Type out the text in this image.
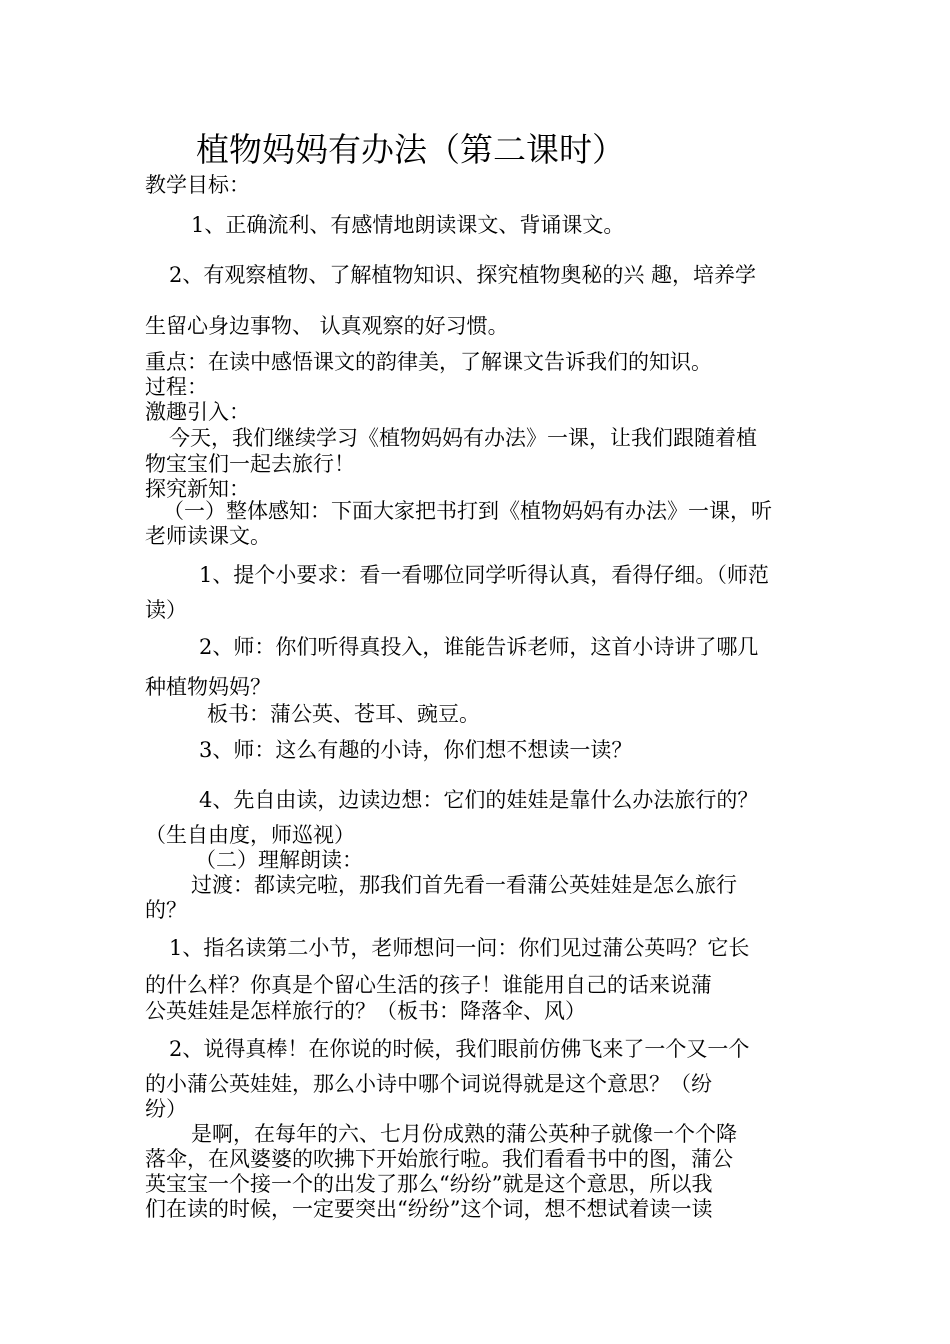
植物妈妈有办法（第二课时）
教学目标：
1、正确流利、有感情地朗读课文、背诵课文。
2、有观察植物、了解植物知识、探究植物奥秘的兴 趣，培养学
生留心身边事物、 认真观察的好习惯。
重点：在读中感悟课文的韵律美，了解课文告诉我们的知识。
过程：
激趣引入：
今天，我们继续学习《植物妈妈有办法》一课，让我们跟随着植
物宝宝们一起去旅行！
探究新知：
（一）整体感知：下面大家把书打到《植物妈妈有办法》一课，听
老师读课文。
1、提个小要求：看一看哪位同学听得认真，看得仔细。（师范
读）
2、师：你们听得真投入，谁能告诉老师，这首小诗讲了哪几
种植物妈妈？
板书：蒲公英、苍耳、豌豆。
3、师：这么有趣的小诗，你们想不想读一读？
4、先自由读，边读边想：它们的娃娃是靠什么办法旅行的？
（生自由度，师巡视）
（二）理解朗读：
过渡：都读完啦，那我们首先看一看蒲公英娃娃是怎么旅行
的？
1、指名读第二小节，老师想问一问：你们见过蒲公英吗？它长
的什么样？你真是个留心生活的孩子！谁能用自己的话来说蒲
公英娃娃是怎样旅行的？（板书：降落伞、风）
2、说得真棒！在你说的时候，我们眼前仿佛飞来了一个又一个
的小蒲公英娃娃，那么小诗中哪个词说得就是这个意思？（纷
纷）
是啊，在每年的六、七月份成熟的蒲公英种子就像一个个降
落伞，在风婆婆的吹拂下开始旅行啦。我们看看书中的图，蒲公
英宝宝一个接一个的出发了那么“纷纷”就是这个意思，所以我
们在读的时候，一定要突出“纷纷”这个词，想不想试着读一读
